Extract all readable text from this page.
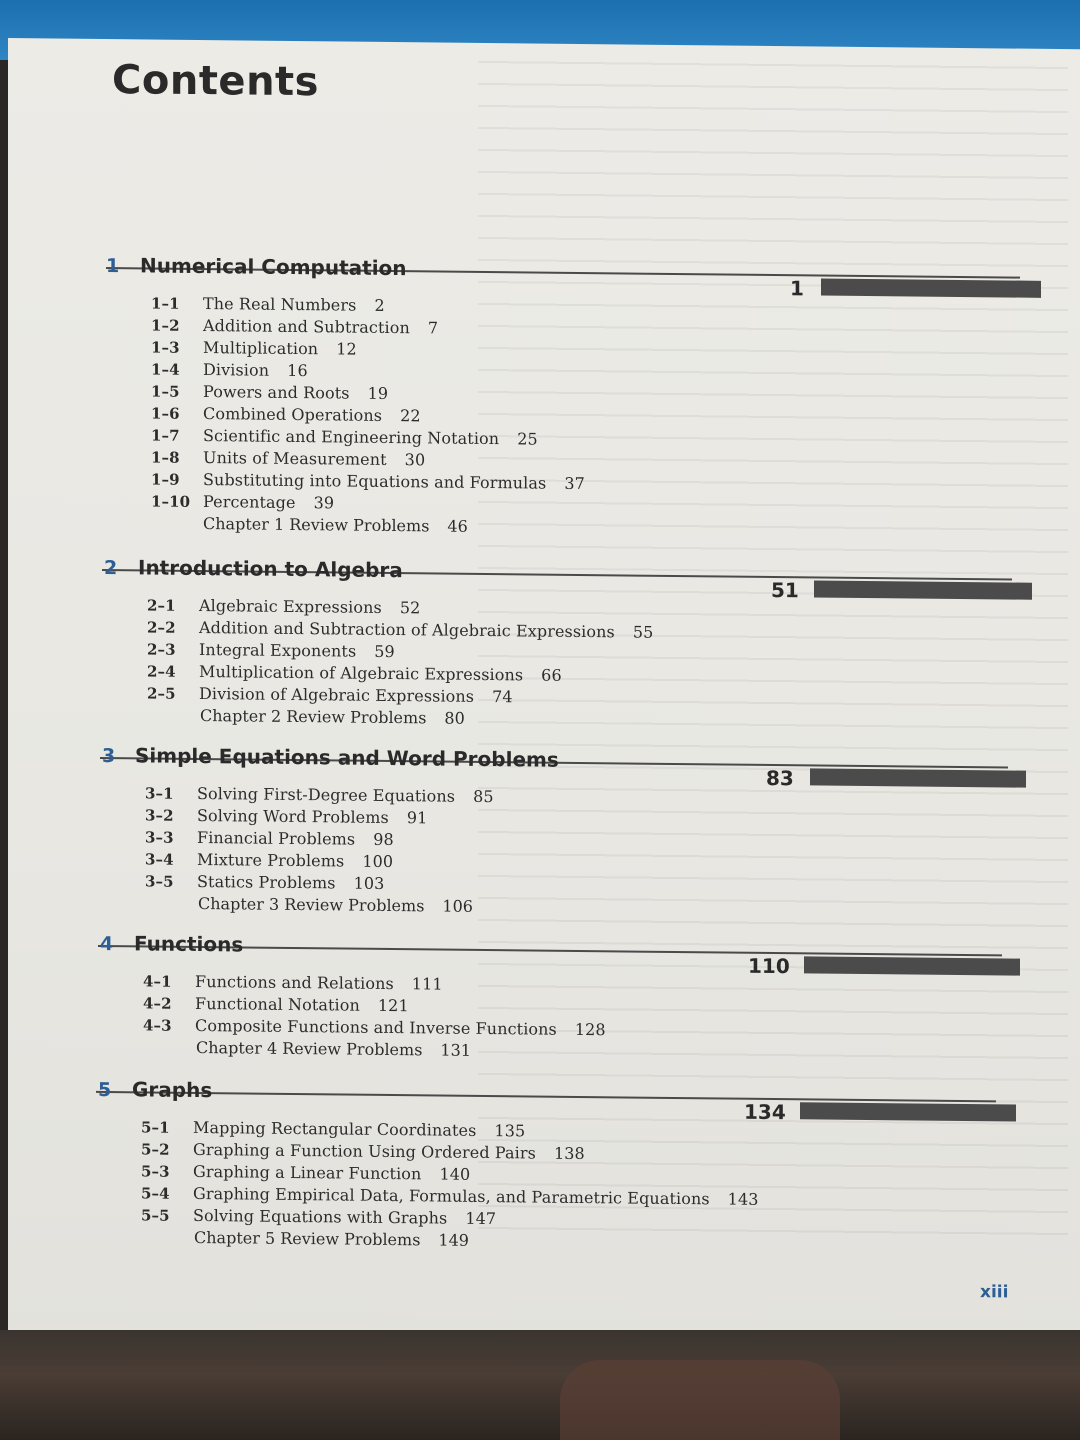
Contents
1 Numerical Computation
1
1–1 The Real Numbers 2
1–2 Addition and Subtraction 7
1–3 Multiplication 12
1–4 Division 16
1–5 Powers and Roots 19
1–6 Combined Operations 22
1–7 Scientific and Engineering Notation 25
1–8 Units of Measurement 30
1–9 Substituting into Equations and Formulas 37
1–10 Percentage 39
Chapter 1 Review Problems 46
2 Introduction to Algebra
51
2–1 Algebraic Expressions 52
2–2 Addition and Subtraction of Algebraic Expressions 55
2–3 Integral Exponents 59
2–4 Multiplication of Algebraic Expressions 66
2–5 Division of Algebraic Expressions 74
Chapter 2 Review Problems 80
3 Simple Equations and Word Problems
83
3–1 Solving First-Degree Equations 85
3–2 Solving Word Problems 91
3–3 Financial Problems 98
3–4 Mixture Problems 100
3–5 Statics Problems 103
Chapter 3 Review Problems 106
4 Functions
110
4–1 Functions and Relations 111
4–2 Functional Notation 121
4–3 Composite Functions and Inverse Functions 128
Chapter 4 Review Problems 131
5 Graphs
134
5–1 Mapping Rectangular Coordinates 135
5–2 Graphing a Function Using Ordered Pairs 138
5–3 Graphing a Linear Function 140
5–4 Graphing Empirical Data, Formulas, and Parametric Equations 143
5–5 Solving Equations with Graphs 147
Chapter 5 Review Problems 149
xiii
